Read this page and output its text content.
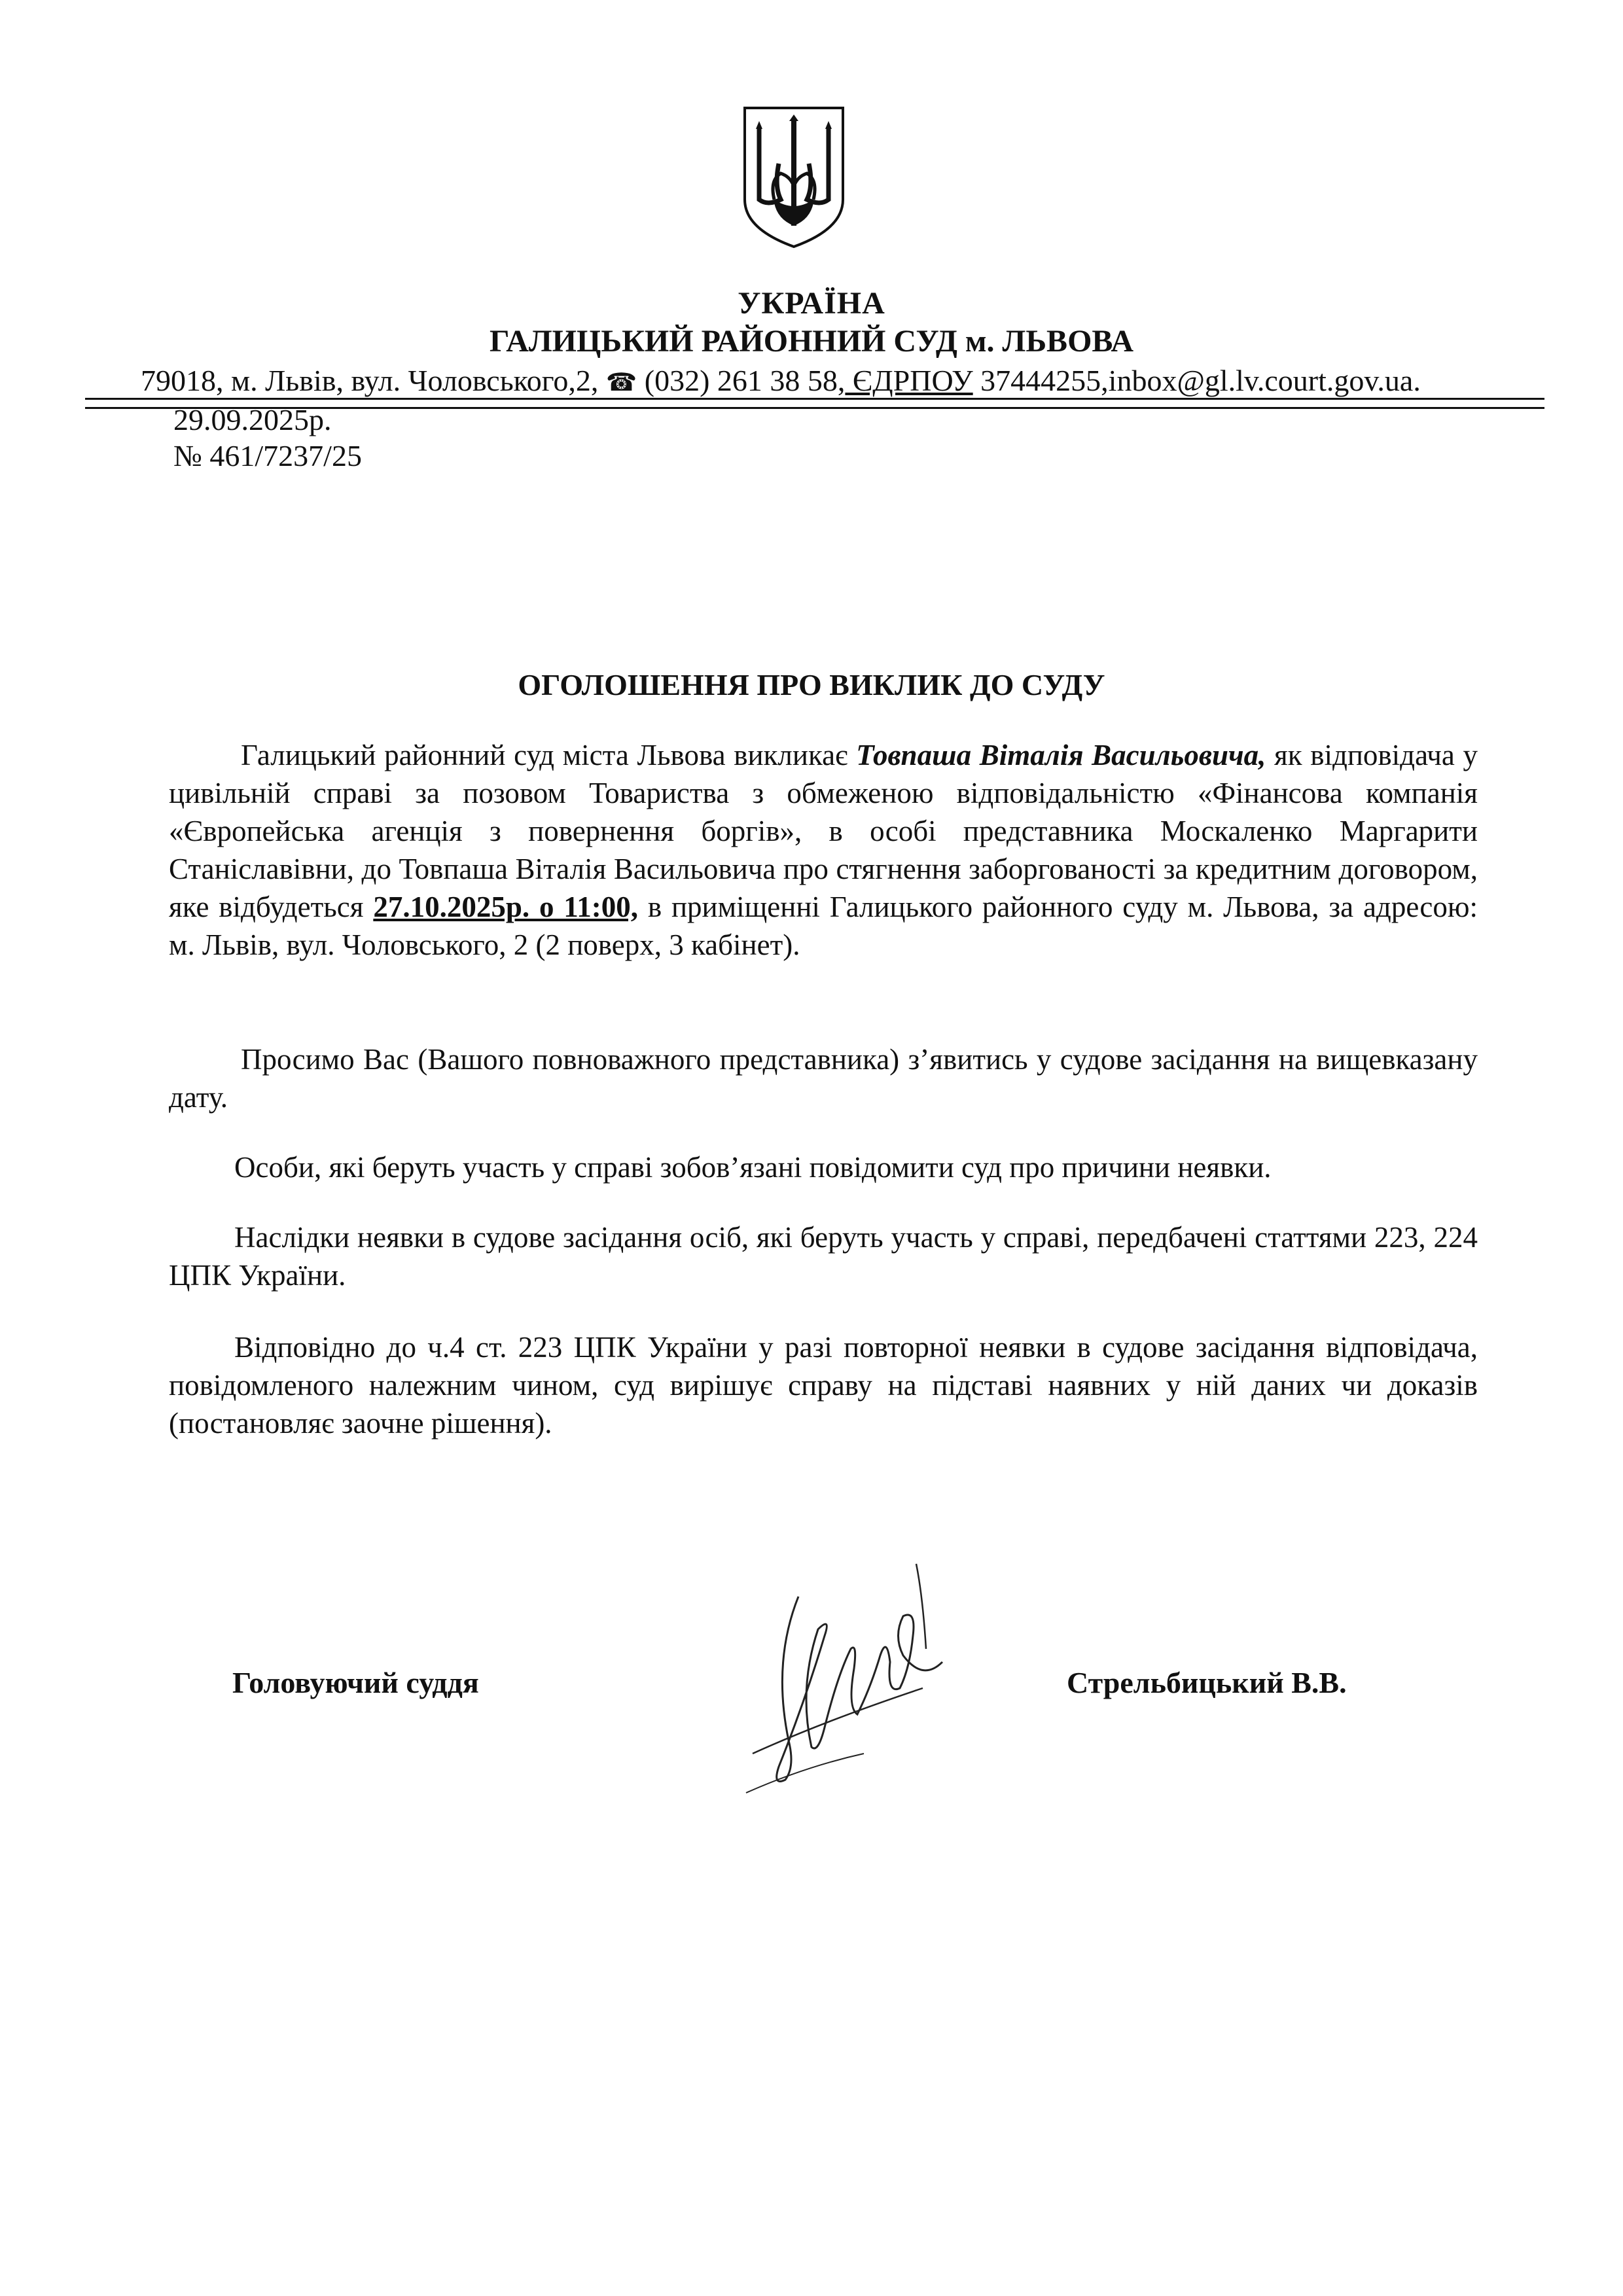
УКРАЇНА
ГАЛИЦЬКИЙ РАЙОННИЙ СУД м. ЛЬВОВА
79018, м. Львів, вул. Чоловського,2, ☎ (032) 261 38 58, ЄДРПОУ 37444255,inbox@gl.lv.court.gov.ua.
29.09.2025р.
№ 461/7237/25
ОГОЛОШЕННЯ ПРО ВИКЛИК ДО СУДУ
Галицький районний суд міста Львова викликає Товпаша Віталія Васильовича, як відповідача у цивільній справі за позовом Товариства з обмеженою відповідальністю «Фінансова компанія «Європейська агенція з повернення боргів», в особі представника Москаленко Маргарити Станіславівни, до Товпаша Віталія Васильовича про стягнення заборгованості за кредитним договором, яке відбудеться 27.10.2025р. о 11:00, в приміщенні Галицького районного суду м. Львова, за адресою: м. Львів, вул. Чоловського, 2 (2 поверх, 3 кабінет).
Просимо Вас (Вашого повноважного представника) з’явитись у судове засідання на вищевказану дату.
Особи, які беруть участь у справі зобов’язані повідомити суд про причини неявки.
Наслідки неявки в судове засідання осіб, які беруть участь у справі, передбачені статтями 223, 224 ЦПК України.
Відповідно до ч.4 ст. 223 ЦПК України у разі повторної неявки в судове засідання відповідача, повідомленого належним чином, суд вирішує справу на підставі наявних у ній даних чи доказів (постановляє заочне рішення).
Головуючий суддя	Стрельбицький В.В.
